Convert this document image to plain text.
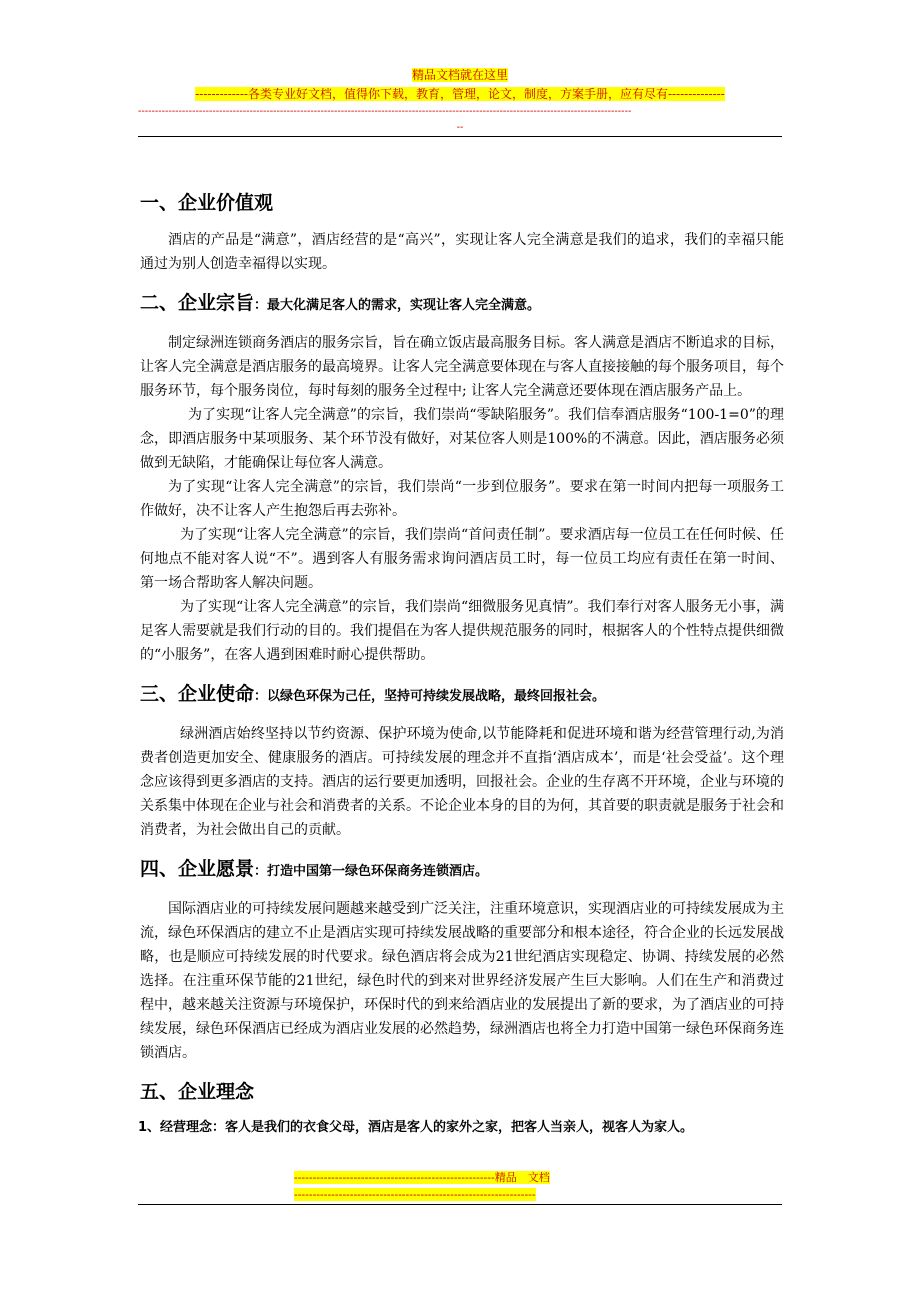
精品文档就在这里
-------------各类专业好文档，值得你下载，教育，管理，论文，制度，方案手册，应有尽有--------------
--------------------------------------------------------------------------------------------------------------------------------------------------
--
一、企业价值观

酒店的产品是“满意”，酒店经营的是“高兴”，实现让客人完全满意是我们的追求，我们的幸福只能通过为别人创造幸福得以实现。

二、企业宗旨：最大化满足客人的需求，实现让客人完全满意。

制定绿洲连锁商务酒店的服务宗旨，旨在确立饭店最高服务目标。客人满意是酒店不断追求的目标，让客人完全满意是酒店服务的最高境界。让客人完全满意要体现在与客人直接接触的每个服务项目，每个服务环节，每个服务岗位，每时每刻的服务全过程中; 让客人完全满意还要体现在酒店服务产品上。

为了实现“让客人完全满意”的宗旨，我们崇尚“零缺陷服务”。我们信奉酒店服务“100-1=0”的理念，即酒店服务中某项服务、某个环节没有做好，对某位客人则是100%的不满意。因此，酒店服务必须做到无缺陷，才能确保让每位客人满意。

为了实现“让客人完全满意”的宗旨，我们崇尚“一步到位服务”。要求在第一时间内把每一项服务工作做好，决不让客人产生抱怨后再去弥补。

为了实现“让客人完全满意”的宗旨，我们崇尚“首问责任制”。要求酒店每一位员工在任何时候、任何地点不能对客人说“不”。遇到客人有服务需求询问酒店员工时，每一位员工均应有责任在第一时间、第一场合帮助客人解决问题。

为了实现“让客人完全满意”的宗旨，我们崇尚“细微服务见真情”。我们奉行对客人服务无小事，满足客人需要就是我们行动的目的。我们提倡在为客人提供规范服务的同时，根据客人的个性特点提供细微的“小服务”，在客人遇到困难时耐心提供帮助。

三、企业使命：以绿色环保为己任，坚持可持续发展战略，最终回报社会。

绿洲酒店始终坚持以节约资源、保护环境为使命,以节能降耗和促进环境和谐为经营管理行动,为消费者创造更加安全、健康服务的酒店。可持续发展的理念并不直指‘酒店成本’，而是‘社会受益’。这个理念应该得到更多酒店的支持。酒店的运行要更加透明，回报社会。企业的生存离不开环境，企业与环境的关系集中体现在企业与社会和消费者的关系。不论企业本身的目的为何，其首要的职责就是服务于社会和消费者，为社会做出自己的贡献。

四、企业愿景：打造中国第一绿色环保商务连锁酒店。

国际酒店业的可持续发展问题越来越受到广泛关注，注重环境意识，实现酒店业的可持续发展成为主流，绿色环保酒店的建立不止是酒店实现可持续发展战略的重要部分和根本途径，符合企业的长远发展战略，也是顺应可持续发展的时代要求。绿色酒店将会成为21世纪酒店实现稳定、协调、持续发展的必然选择。在注重环保节能的21世纪，绿色时代的到来对世界经济发展产生巨大影响。人们在生产和消费过程中，越来越关注资源与环境保护，环保时代的到来给酒店业的发展提出了新的要求，为了酒店业的可持续发展，绿色环保酒店已经成为酒店业发展的必然趋势，绿洲酒店也将全力打造中国第一绿色环保商务连锁酒店。

五、企业理念

1、经营理念：客人是我们的衣食父母，酒店是客人的家外之家，把客人当亲人，视客人为家人。

------------------------------------------------------精品　文档
-----------------------------------------------------------------
